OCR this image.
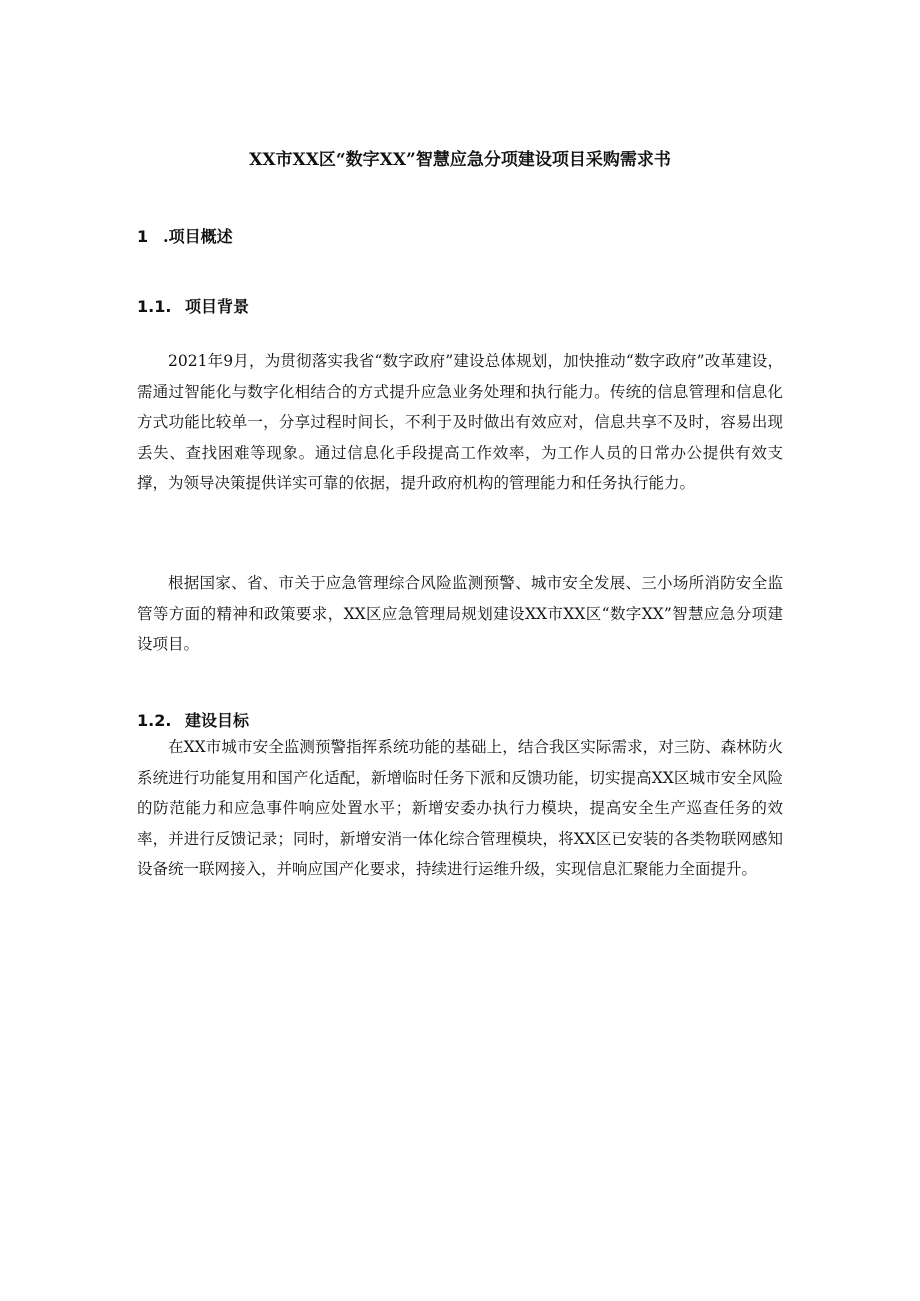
XX市XX区“数字XX”智慧应急分项建设项目采购需求书
1 .项目概述
1.1. 项目背景

2021年9月，为贯彻落实我省“数字政府”建设总体规划，加快推动“数字政府”改革建设，需通过智能化与数字化相结合的方式提升应急业务处理和执行能力。传统的信息管理和信息化方式功能比较单一，分享过程时间长，不利于及时做出有效应对，信息共享不及时，容易出现丢失、查找困难等现象。通过信息化手段提高工作效率，为工作人员的日常办公提供有效支撑，为领导决策提供详实可靠的依据，提升政府机构的管理能力和任务执行能力。

根据国家、省、市关于应急管理综合风险监测预警、城市安全发展、三小场所消防安全监管等方面的精神和政策要求，XX区应急管理局规划建设XX市XX区“数字XX”智慧应急分项建设项目。

1.2. 建设目标

在XX市城市安全监测预警指挥系统功能的基础上，结合我区实际需求，对三防、森林防火系统进行功能复用和国产化适配，新增临时任务下派和反馈功能，切实提高XX区城市安全风险的防范能力和应急事件响应处置水平；新增安委办执行力模块，提高安全生产巡查任务的效率，并进行反馈记录；同时，新增安消一体化综合管理模块，将XX区已安装的各类物联网感知设备统一联网接入，并响应国产化要求，持续进行运维升级，实现信息汇聚能力全面提升。
